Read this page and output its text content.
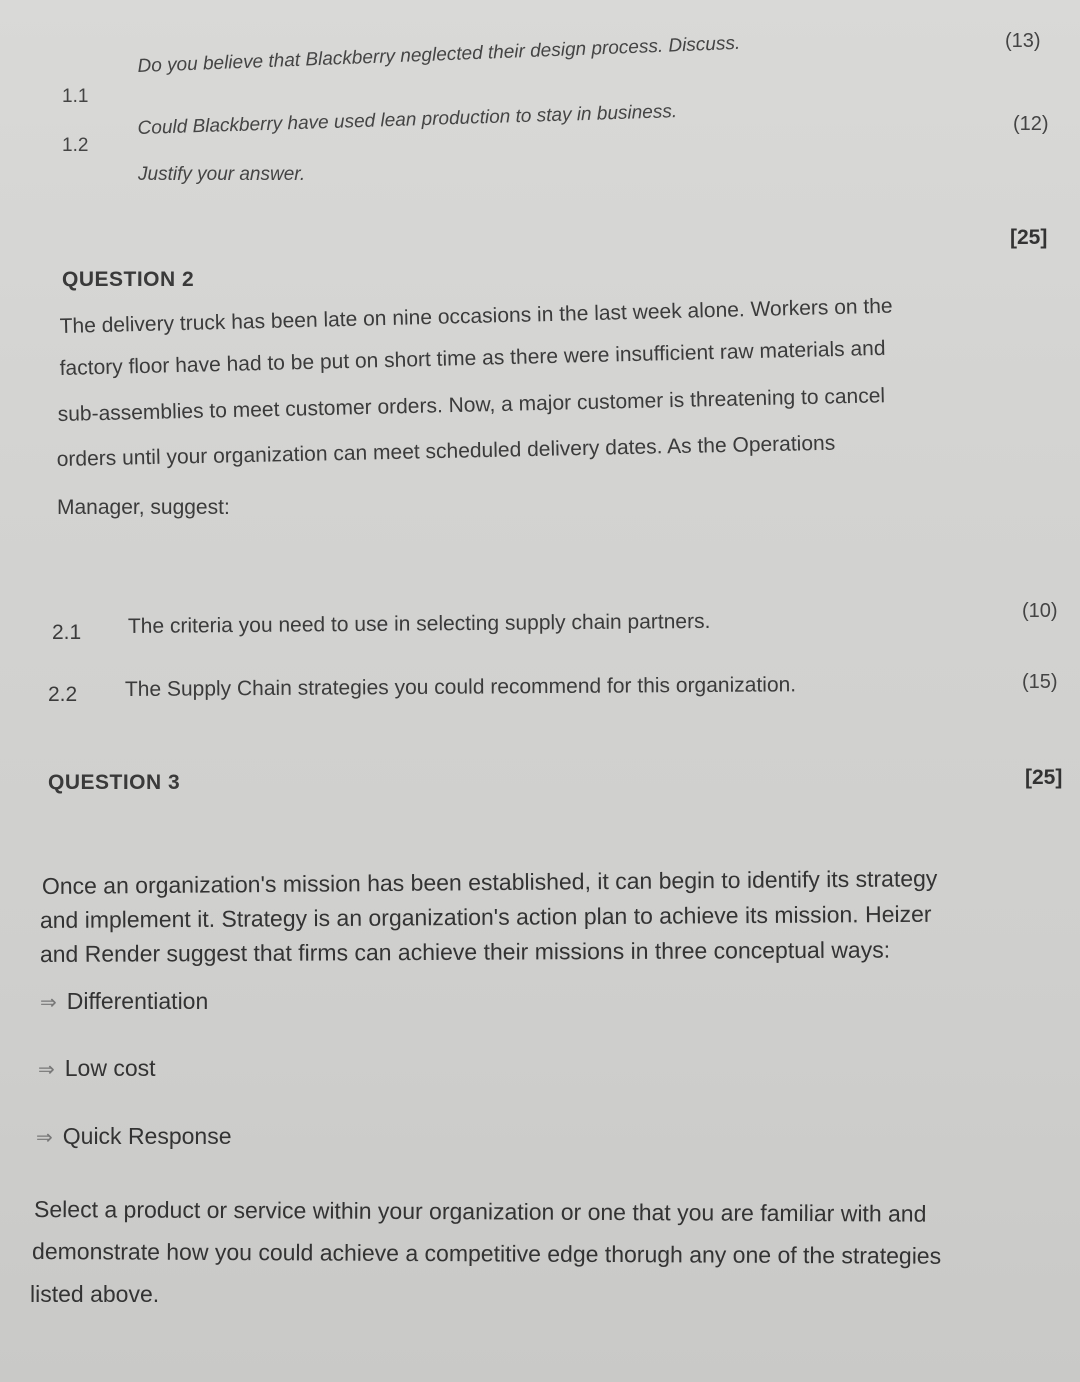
1.1
Do you believe that Blackberry neglected their design process. Discuss.	(13)
1.2
Could Blackberry have used lean production to stay in business.
Justify your answer.
(12)
[25]
QUESTION 2
The delivery truck has been late on nine occasions in the last week alone. Workers on the
factory floor have had to be put on short time as there were insufficient raw materials and
sub-assemblies to meet customer orders. Now, a major customer is threatening to cancel
orders until your organization can meet scheduled delivery dates. As the Operations
Manager, suggest:
2.1 The criteria you need to use in selecting supply chain partners.	(10)
2.2 The Supply Chain strategies you could recommend for this organization.	(15)
QUESTION 3	[25]
Once an organization's mission has been established, it can begin to identify its strategy
and implement it. Strategy is an organization's action plan to achieve its mission. Heizer
and Render suggest that firms can achieve their missions in three conceptual ways:
⇒ Differentiation
⇒ Low cost
⇒ Quick Response
Select a product or service within your organization or one that you are familiar with and
demonstrate how you could achieve a competitive edge thorugh any one of the strategies
listed above.
